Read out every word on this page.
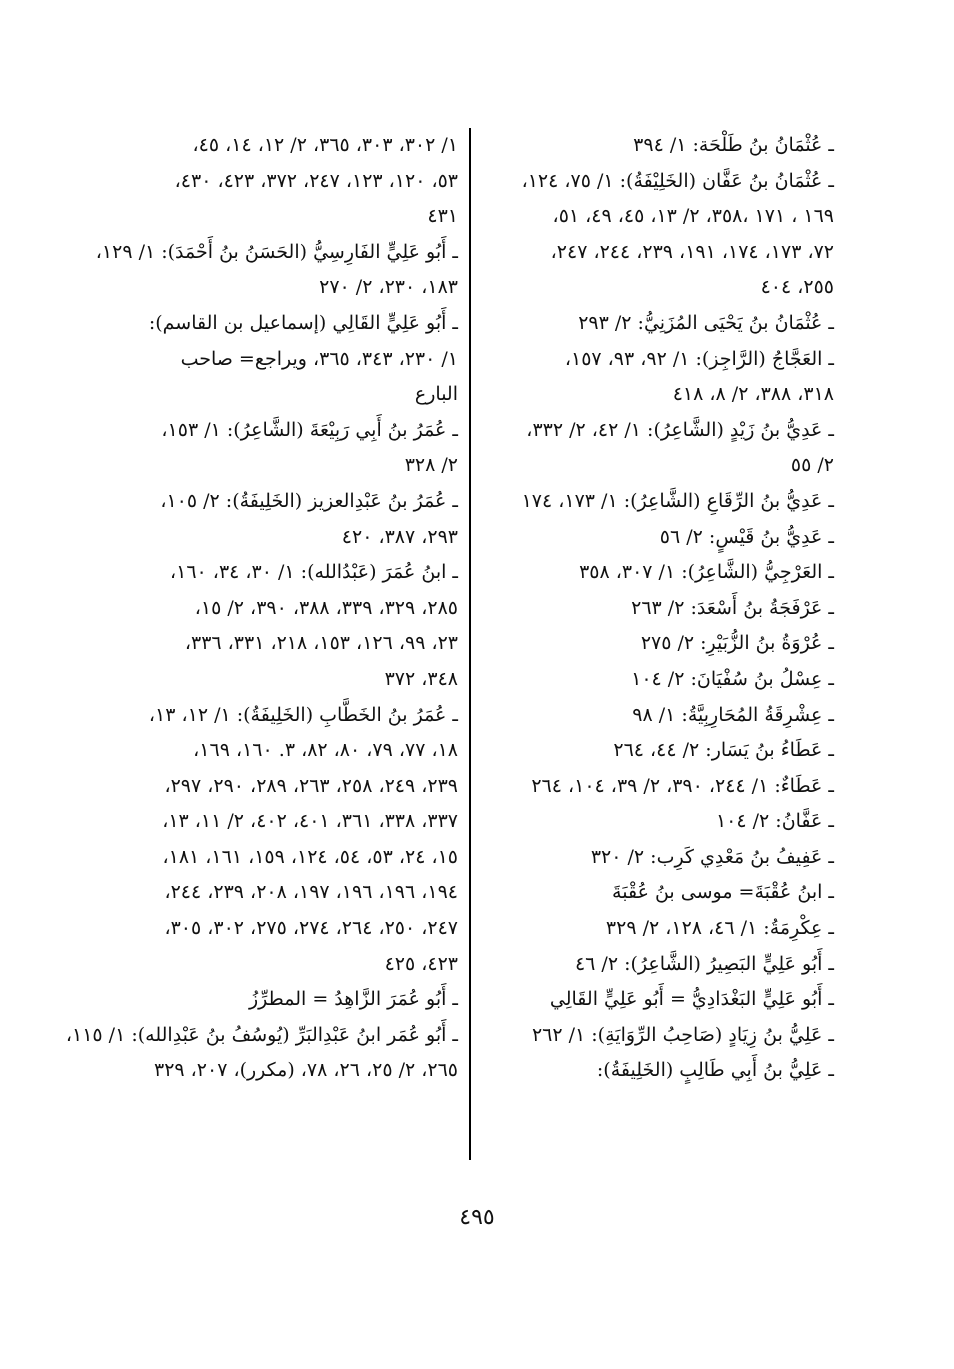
ـ عُثْمَانُ بنُ طَلْحَة: ١/ ٣٩٤
ـ عُثْمَانُ بنُ عَفَّان (الخَلِيْفَةُ): ١/ ٧٥، ١٢٤،
١٦٩ ، ١٧١ ،٣٥٨، ٢/ ١٣، ٤٥، ٤٩، ٥١،
٧٢، ١٧٣، ١٧٤، ١٩١، ٢٣٩، ٢٤٤، ٢٤٧،
٢٥٥، ٤٠٤
ـ عُثْمَانُ بنُ يَحْيَى المُزَنِيُّ: ٢/ ٢٩٣
ـ العَجَّاجُ (الرَّاجِز): ١/ ٩٢، ٩٣، ١٥٧،
٣١٨، ٣٨٨، ٢/ ٨، ٤١٨
ـ عَدِيُّ بنُ زَيْدٍ (الشَّاعِرُ): ١/ ٤٢، ٢/ ٣٣٢،
٢/ ٥٥
ـ عَدِيُّ بنُ الرِّقَاعِ (الشَّاعِرُ): ١/ ١٧٣، ١٧٤
ـ عَدِيُّ بنُ قَيْسٍ: ٢/ ٥٦
ـ العَرْجِيُّ (الشَّاعِرُ): ١/ ٣٠٧، ٣٥٨
ـ عَرْفَجَةُ بنُ أَسْعَدَ: ٢/ ٢٦٣
ـ عُرْوَةُ بنُ الزُّبَيْرِ: ٢/ ٢٧٥
ـ عِسْلُ بنُ سُفْيَانَ: ٢/ ١٠٤
ـ عِشْرِقَةُ المُحَارِبِيَّةُ: ١/ ٩٨
ـ عَطَاءُ بنُ يَسَار: ٢/ ٤٤، ٢٦٤
ـ عَطَاءٌ: ١/ ٢٤٤، ٣٩٠، ٢/ ٣٩، ١٠٤، ٢٦٤
ـ عَفَّانُ: ٢/ ١٠٤
ـ عَفِيفُ بنُ مَعْدِي كَرِب: ٢/ ٣٢٠
ـ ابنُ عُقْبَةَ= موسى بنُ عُقْبَةَ
ـ عِكْرِمَةُ: ١/ ٤٦، ١٢٨، ٢/ ٣٢٩
ـ أَبُو عَلِيٍّ البَصِيرُ (الشَّاعِرُ): ٢/ ٤٦
ـ أَبُو عَلِيٍّ البَغْدَادِيُّ = أَبُو عَلِيٍّ القَالِي
ـ عَلِيُّ بنُ زِيَادٍ (صَاحِبُ الرِّوَايَةِ): ١/ ٢٦٢
ـ عَلِيُّ بنُ أَبِي طَالِبٍ (الخَلِيفَةُ):
١/ ٣٠٢، ٣٠٣، ٣٦٥، ٢/ ١٢، ١٤، ٤٥،
٥٣، ١٢٠، ١٢٣، ٢٤٧، ٣٧٢، ٤٢٣، ٤٣٠،
٤٣١
ـ أَبُو عَلِيٍّ الفَارِسِيُّ (الحَسَنُ بنُ أَحْمَدَ): ١/ ١٢٩،
١٨٣، ٢٣٠، ٢/ ٢٧٠
ـ أَبُو عَلِيٍّ القَالِي (إسماعيل بن القاسم):
١/ ٢٣٠، ٣٤٣، ٣٦٥، ويراجع= صاحب
البارع
ـ عُمَرُ بنُ أَبِي رَبِيْعَةَ (الشَّاعِرُ): ١/ ١٥٣،
٢/ ٣٢٨
ـ عُمَرُ بنُ عَبْدِالعزيز (الخَلِيفَةُ): ٢/ ١٠٥،
٢٩٣، ٣٨٧، ٤٢٠
ـ ابنُ عُمَرَ (عَبْدُالله): ١/ ٣٠، ٣٤، ١٦٠،
٢٨٥، ٣٢٩، ٣٣٩، ٣٨٨، ٣٩٠، ٢/ ١٥،
٢٣، ٩٩، ١٢٦، ١٥٣، ٢١٨، ٣٣١، ٣٣٦،
٣٤٨، ٣٧٢
ـ عُمَرُ بنُ الخَطَّابِ (الخَلِيفَةُ): ١/ ١٢، ١٣،
١٨، ٧٧، ٧٩، ٨٠، ٨٢، ٣. ١٦٠، ١٦٩،
٢٣٩، ٢٤٩، ٢٥٨، ٢٦٣، ٢٨٩، ٢٩٠، ٢٩٧،
٣٣٧، ٣٣٨، ٣٦١، ٤٠١، ٤٠٢، ٢/ ١١، ١٣،
١٥، ٢٤، ٥٣، ٥٤، ١٢٤، ١٥٩، ١٦١، ١٨١،
١٩٤، ١٩٦، ١٩٦، ١٩٧، ٢٠٨، ٢٣٩، ٢٤٤،
٢٤٧، ٢٥٠، ٢٦٤، ٢٧٤، ٢٧٥، ٣٠٢، ٣٠٥،
٤٢٣، ٤٢٥
ـ أَبُو عُمَرَ الزَّاهِدُ = المطرِّزُ
ـ أَبُو عُمَر ابنُ عَبْدِالبَرِّ (يُوسُفُ بنُ عَبْدِالله): ١/ ١١٥،
٢٦٥، ٢/ ٢٥، ٢٦، ٧٨، (مكرر)، ٢٠٧، ٣٢٩
٤٩٥
